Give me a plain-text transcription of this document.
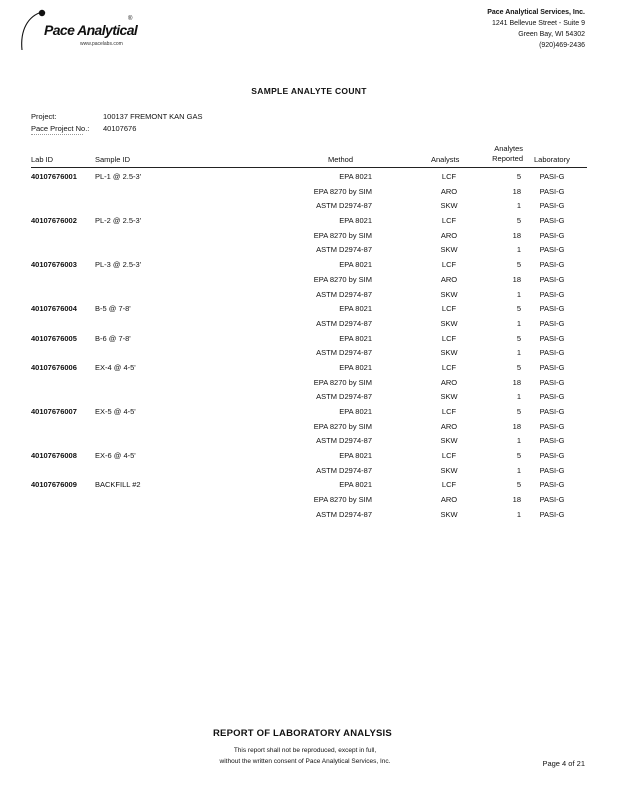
Pace Analytical
®
www.pacelabs.com
Pace Analytical Services, Inc.
1241 Bellevue Street - Suite 9
Green Bay, WI 54302
(920)469-2436
SAMPLE ANALYTE COUNT
Project:	100137 FREMONT KAN GAS
Pace Project No.:	40107676
Lab ID	Sample ID	Method	Analysts
Analytes
Reported Laboratory
40107676001 PL-1 @ 2.5-3'	EPA 8021	LCF	5	PASI-G
EPA 8270 by SIM	ARO	18	PASI-G
ASTM D2974-87	SKW	1	PASI-G
40107676002 PL-2 @ 2.5-3'	EPA 8021	LCF	5	PASI-G
EPA 8270 by SIM	ARO	18	PASI-G
ASTM D2974-87	SKW	1	PASI-G
40107676003 PL-3 @ 2.5-3'	EPA 8021	LCF	5	PASI-G
EPA 8270 by SIM	ARO	18	PASI-G
ASTM D2974-87	SKW	1	PASI-G
40107676004 B-5 @ 7-8'	EPA 8021	LCF	5	PASI-G
ASTM D2974-87	SKW	1	PASI-G
40107676005 B-6 @ 7-8'	EPA 8021	LCF	5	PASI-G
ASTM D2974-87	SKW	1	PASI-G
40107676006 EX-4 @ 4-5'	EPA 8021	LCF	5	PASI-G
EPA 8270 by SIM	ARO	18	PASI-G
ASTM D2974-87	SKW	1	PASI-G
40107676007 EX-5 @ 4-5'	EPA 8021	LCF	5	PASI-G
EPA 8270 by SIM	ARO	18	PASI-G
ASTM D2974-87	SKW	1	PASI-G
40107676008 EX-6 @ 4-5'	EPA 8021	LCF	5	PASI-G
ASTM D2974-87	SKW	1	PASI-G
40107676009 BACKFILL #2	EPA 8021	LCF	5	PASI-G
EPA 8270 by SIM	ARO	18	PASI-G
ASTM D2974-87	SKW	1	PASI-G
REPORT OF LABORATORY ANALYSIS
This report shall not be reproduced, except in full,
without the written consent of Pace Analytical Services, Inc.	Page 4 of 21
